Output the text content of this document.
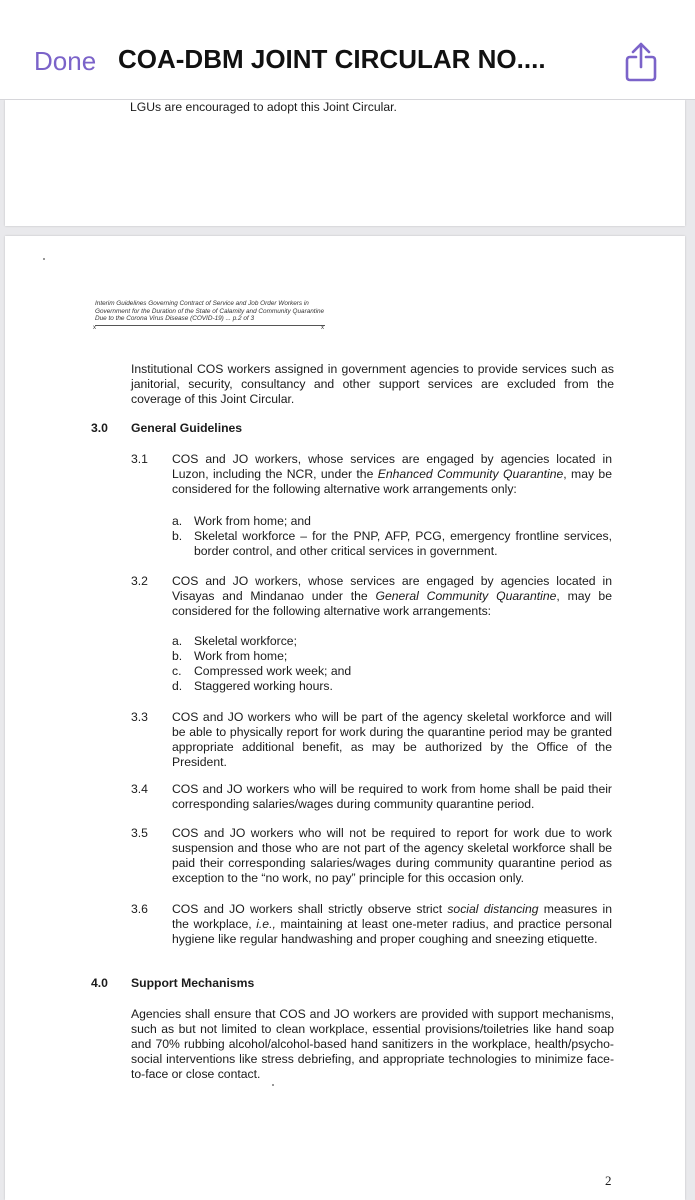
Done COA-DBM JOINT CIRCULAR NO....
LGUs are encouraged to adopt this Joint Circular.
Interim Guidelines Governing Contract of Service and Job Order Workers in Government for the Duration of the State of Calamity and Community Quarantine Due to the Corona Virus Disease (COVID-19) ... p.2 of 3
x	x
Institutional COS workers assigned in government agencies to provide services such as janitorial, security, consultancy and other support services are excluded from the coverage of this Joint Circular.
3.0 General Guidelines
3.1 COS and JO workers, whose services are engaged by agencies located in Luzon, including the NCR, under the Enhanced Community Quarantine, may be considered for the following alternative work arrangements only:
a. Work from home; and
b. Skeletal workforce – for the PNP, AFP, PCG, emergency frontline services, border control, and other critical services in government.
3.2 COS and JO workers, whose services are engaged by agencies located in Visayas and Mindanao under the General Community Quarantine, may be considered for the following alternative work arrangements:
a. Skeletal workforce;
b. Work from home;
c. Compressed work week; and
d. Staggered working hours.
3.3 COS and JO workers who will be part of the agency skeletal workforce and will be able to physically report for work during the quarantine period may be granted appropriate additional benefit, as may be authorized by the Office of the President.
3.4 COS and JO workers who will be required to work from home shall be paid their corresponding salaries/wages during community quarantine period.
3.5 COS and JO workers who will not be required to report for work due to work suspension and those who are not part of the agency skeletal workforce shall be paid their corresponding salaries/wages during community quarantine period as exception to the “no work, no pay” principle for this occasion only.
3.6 COS and JO workers shall strictly observe strict social distancing measures in the workplace, i.e., maintaining at least one-meter radius, and practice personal hygiene like regular handwashing and proper coughing and sneezing etiquette.
4.0 Support Mechanisms
Agencies shall ensure that COS and JO workers are provided with support mechanisms, such as but not limited to clean workplace, essential provisions/toiletries like hand soap and 70% rubbing alcohol/alcohol-based hand sanitizers in the workplace, health/psycho-social interventions like stress debriefing, and appropriate technologies to minimize face-to-face or close contact.
2
